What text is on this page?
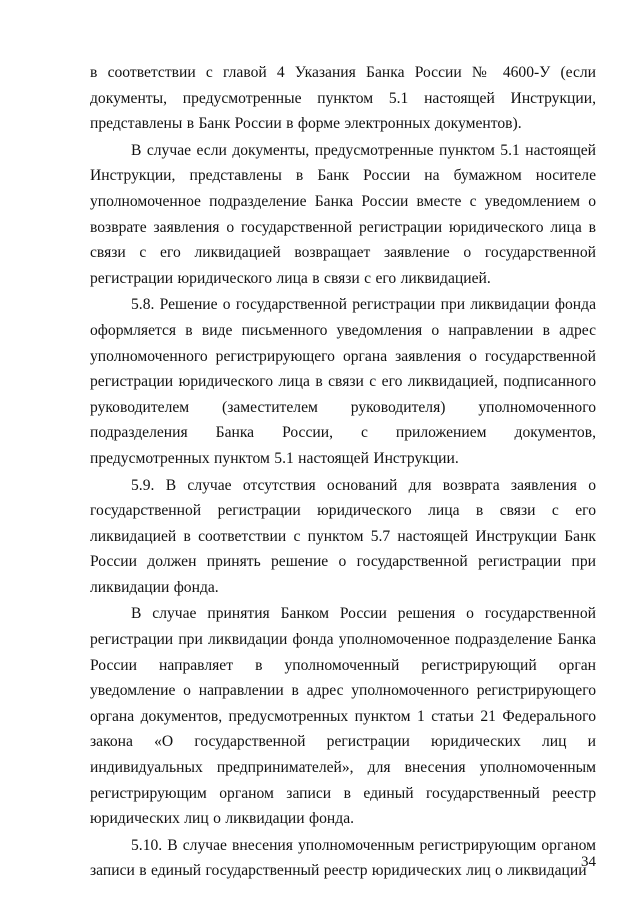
в соответствии с главой 4 Указания Банка России № 4600-У (если документы, предусмотренные пунктом 5.1 настоящей Инструкции, представлены в Банк России в форме электронных документов).

В случае если документы, предусмотренные пунктом 5.1 настоящей Инструкции, представлены в Банк России на бумажном носителе уполномоченное подразделение Банка России вместе с уведомлением о возврате заявления о государственной регистрации юридического лица в связи с его ликвидацией возвращает заявление о государственной регистрации юридического лица в связи с его ликвидацией.

5.8. Решение о государственной регистрации при ликвидации фонда оформляется в виде письменного уведомления о направлении в адрес уполномоченного регистрирующего органа заявления о государственной регистрации юридического лица в связи с его ликвидацией, подписанного руководителем (заместителем руководителя) уполномоченного подразделения Банка России, с приложением документов, предусмотренных пунктом 5.1 настоящей Инструкции.

5.9. В случае отсутствия оснований для возврата заявления о государственной регистрации юридического лица в связи с его ликвидацией в соответствии с пунктом 5.7 настоящей Инструкции Банк России должен принять решение о государственной регистрации при ликвидации фонда.

В случае принятия Банком России решения о государственной регистрации при ликвидации фонда уполномоченное подразделение Банка России направляет в уполномоченный регистрирующий орган уведомление о направлении в адрес уполномоченного регистрирующего органа документов, предусмотренных пунктом 1 статьи 21 Федерального закона «О государственной регистрации юридических лиц и индивидуальных предпринимателей», для внесения уполномоченным регистрирующим органом записи в единый государственный реестр юридических лиц о ликвидации фонда.

5.10. В случае внесения уполномоченным регистрирующим органом записи в единый государственный реестр юридических лиц о ликвидации

34
